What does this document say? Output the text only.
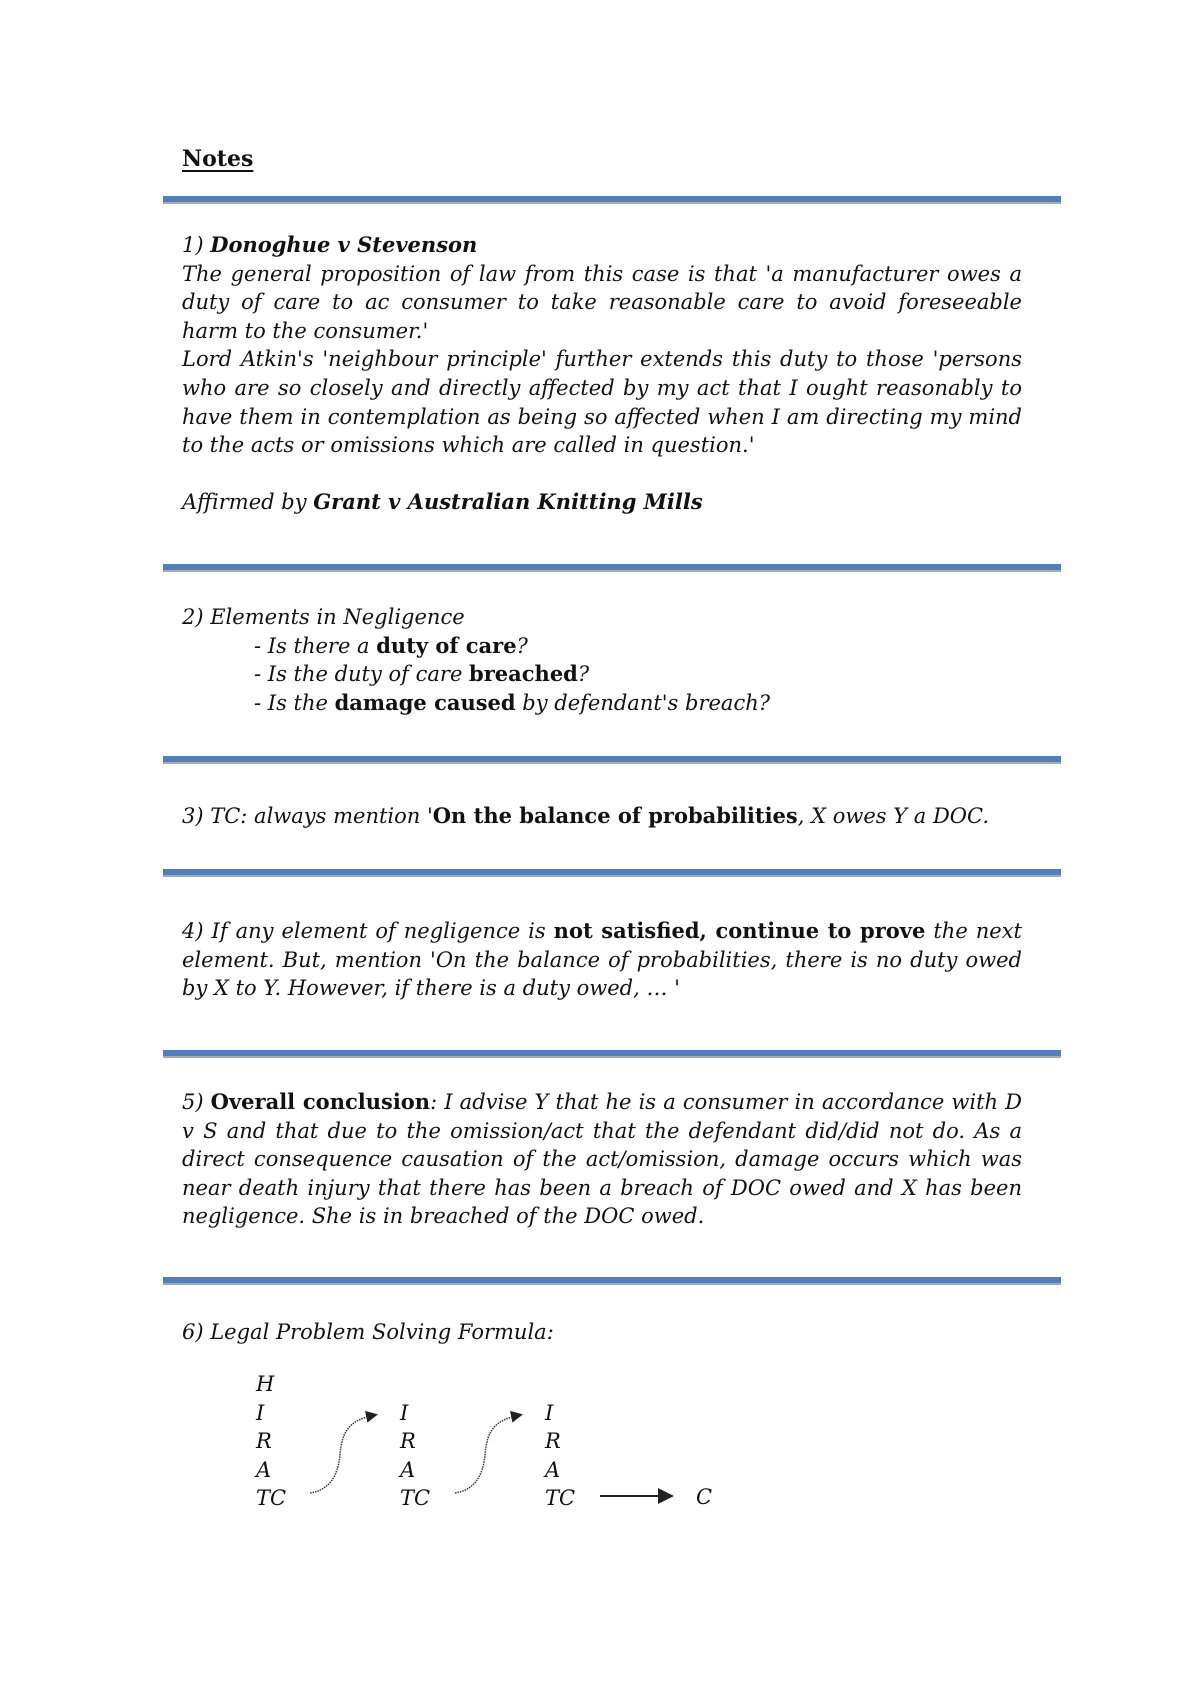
Notes
1) Donoghue v Stevenson
The general proposition of law from this case is that 'a manufacturer owes a duty of care to ac consumer to take reasonable care to avoid foreseeable harm to the consumer.'
Lord Atkin's 'neighbour principle' further extends this duty to those 'persons who are so closely and directly affected by my act that I ought reasonably to have them in contemplation as being so affected when I am directing my mind to the acts or omissions which are called in question.'
Affirmed by Grant v Australian Knitting Mills
2) Elements in Negligence
- Is there a duty of care?
- Is the duty of care breached?
- Is the damage caused by defendant's breach?
3) TC: always mention 'On the balance of probabilities, X owes Y a DOC.
4) If any element of negligence is not satisfied, continue to prove the next element. But, mention 'On the balance of probabilities, there is no duty owed by X to Y. However, if there is a duty owed, … '
5) Overall conclusion: I advise Y that he is a consumer in accordance with D v S and that due to the omission/act that the defendant did/did not do. As a direct consequence causation of the act/omission, damage occurs which was near death injury that there has been a breach of DOC owed and X has been negligence. She is in breached of the DOC owed.
6) Legal Problem Solving Formula:
H
I
R
A
TC
I
R
A
TC
I
R
A
TC	C
